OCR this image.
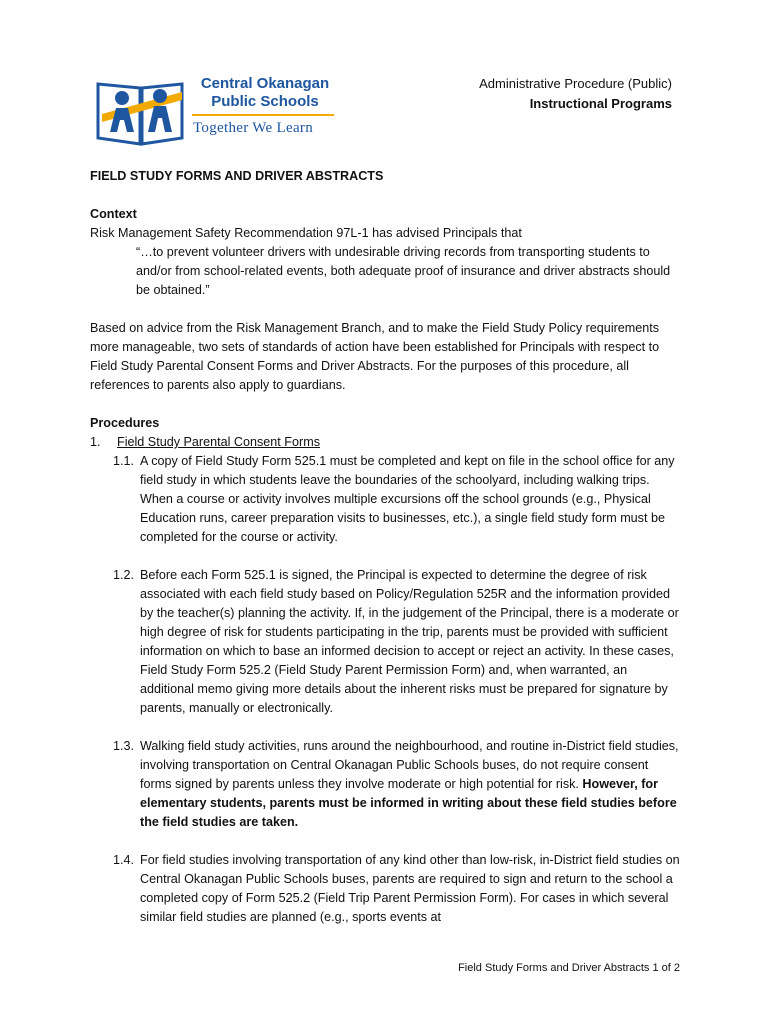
Central Okanagan
Public Schools
Together We Learn
Administrative Procedure (Public)
Instructional Programs
FIELD STUDY FORMS AND DRIVER ABSTRACTS
Context

Risk Management Safety Recommendation 97L-1 has advised Principals that

“…to prevent volunteer drivers with undesirable driving records from transporting students to and/or from school-related events, both adequate proof of insurance and driver abstracts should be obtained.”

Based on advice from the Risk Management Branch, and to make the Field Study Policy requirements more manageable, two sets of standards of action have been established for Principals with respect to Field Study Parental Consent Forms and Driver Abstracts. For the purposes of this procedure, all references to parents also apply to guardians.

Procedures
1.	Field Study Parental Consent Forms
1.1. A copy of Field Study Form 525.1 must be completed and kept on file in the school office for any field study in which students leave the boundaries of the schoolyard, including walking trips. When a course or activity involves multiple excursions off the school grounds (e.g., Physical Education runs, career preparation visits to businesses, etc.), a single field study form must be completed for the course or activity.
1.2. Before each Form 525.1 is signed, the Principal is expected to determine the degree of risk associated with each field study based on Policy/Regulation 525R and the information provided by the teacher(s) planning the activity. If, in the judgement of the Principal, there is a moderate or high degree of risk for students participating in the trip, parents must be provided with sufficient information on which to base an informed decision to accept or reject an activity. In these cases, Field Study Form 525.2 (Field Study Parent Permission Form) and, when warranted, an additional memo giving more details about the inherent risks must be prepared for signature by parents, manually or electronically.
1.3. Walking field study activities, runs around the neighbourhood, and routine in-District field studies, involving transportation on Central Okanagan Public Schools buses, do not require consent forms signed by parents unless they involve moderate or high potential for risk. However, for elementary students, parents must be informed in writing about these field studies before the field studies are taken.
1.4. For field studies involving transportation of any kind other than low-risk, in-District field studies on Central Okanagan Public Schools buses, parents are required to sign and return to the school a completed copy of Form 525.2 (Field Trip Parent Permission Form). For cases in which several similar field studies are planned (e.g., sports events at
Field Study Forms and Driver Abstracts 1 of 2
